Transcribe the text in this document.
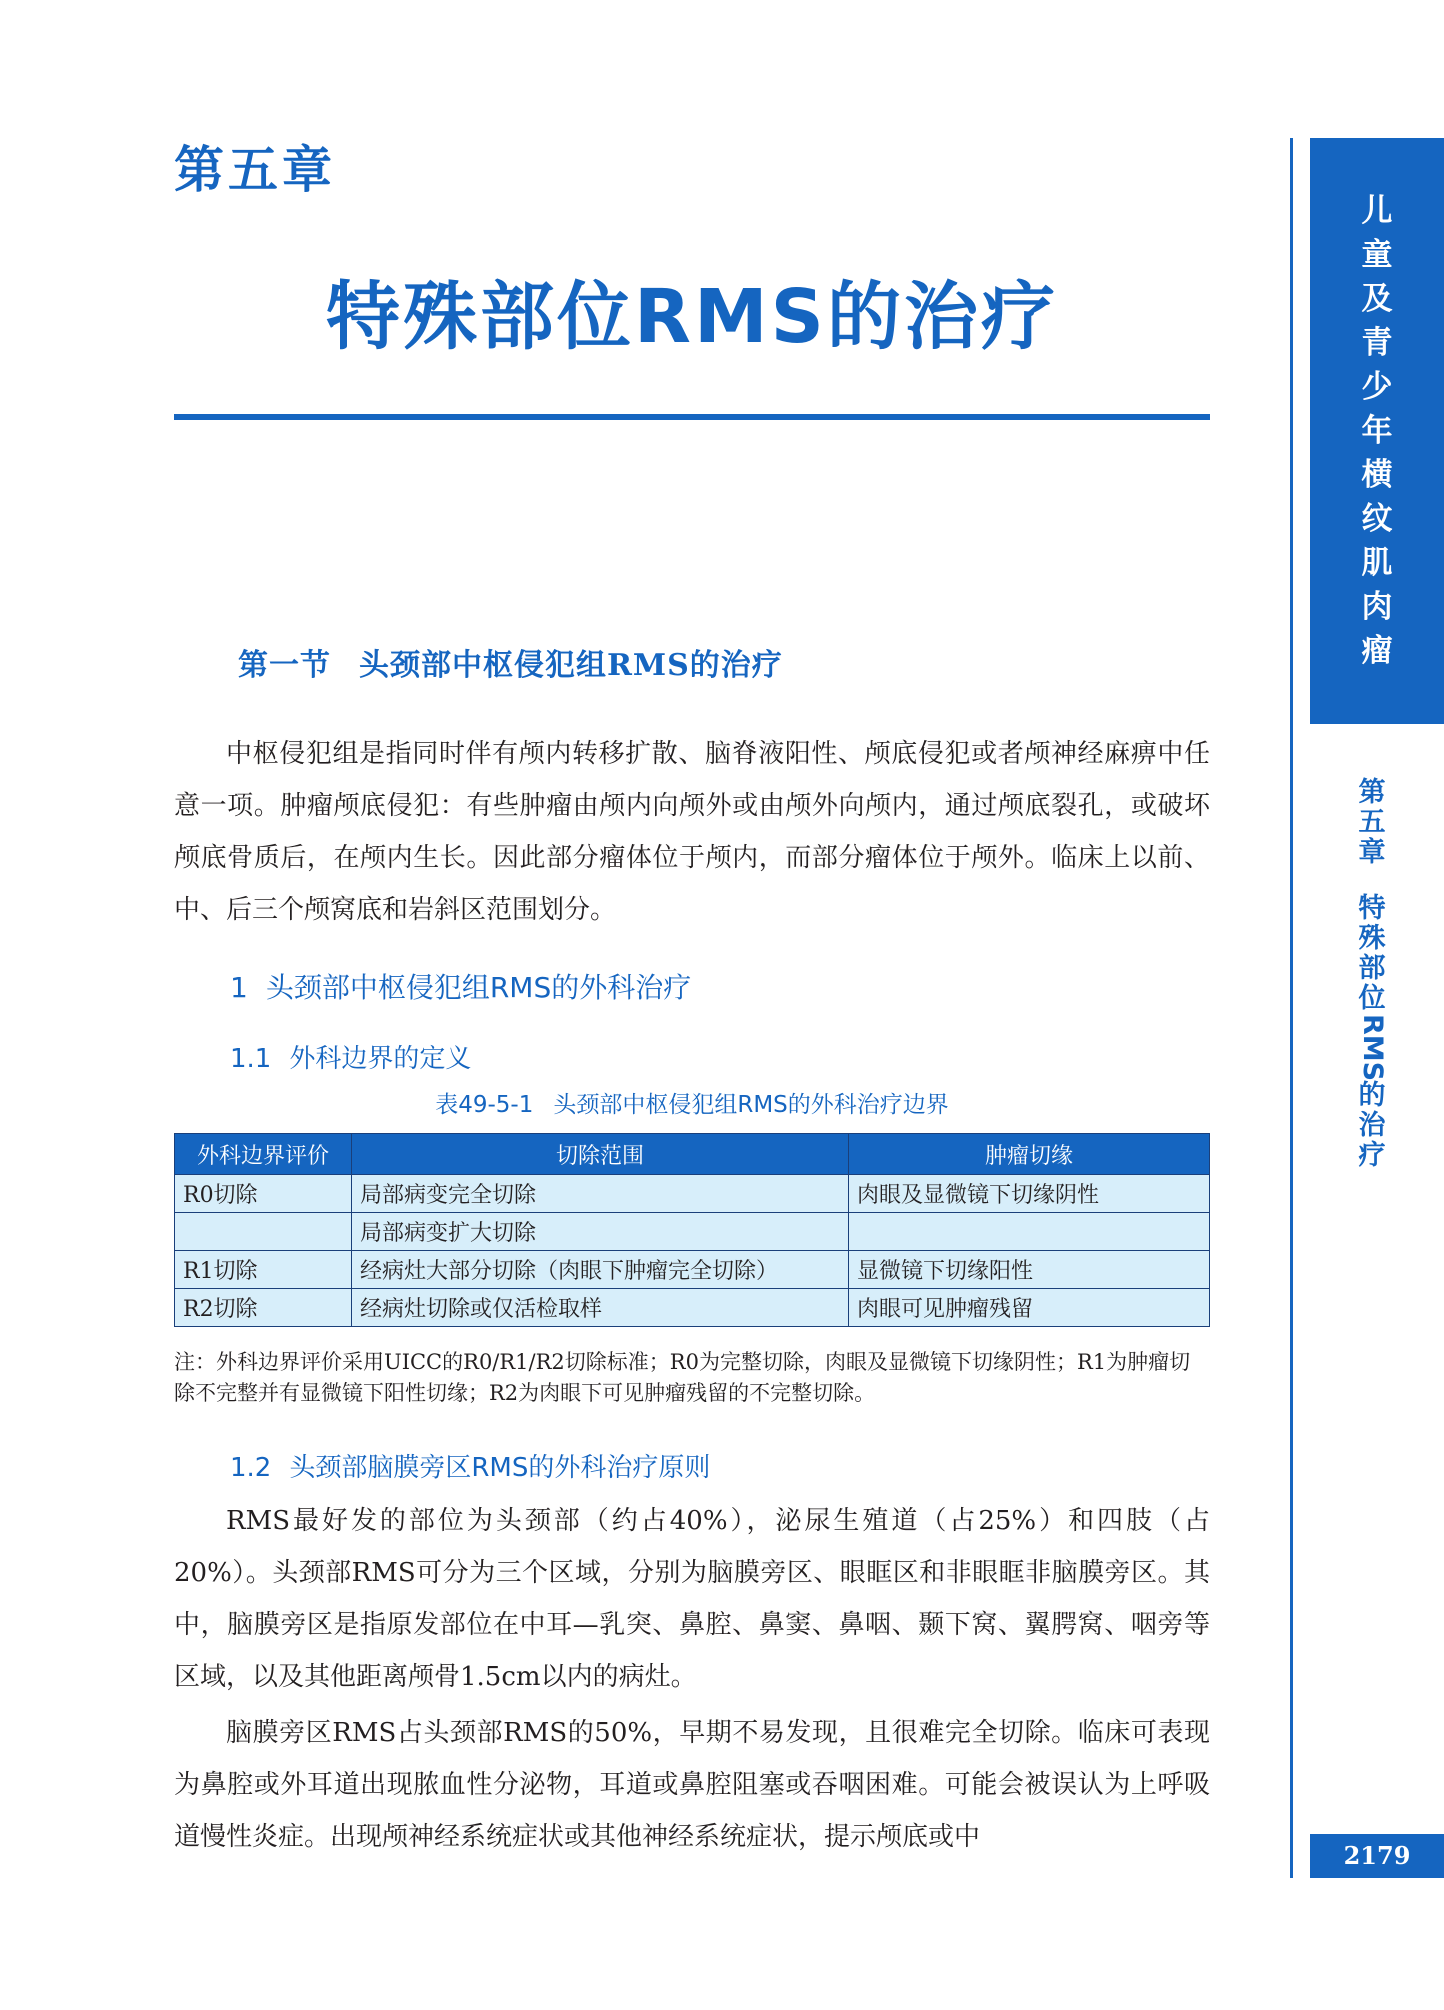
儿
童
及
青
少
年
横
纹
肌
肉
瘤
第
五
章
特
殊
部
位
RMS
的
治
疗
2179
第五章
特殊部位RMS的治疗
第一节 头颈部中枢侵犯组RMS的治疗

中枢侵犯组是指同时伴有颅内转移扩散、脑脊液阳性、颅底侵犯或者颅神经麻痹中任意一项。肿瘤颅底侵犯：有些肿瘤由颅内向颅外或由颅外向颅内，通过颅底裂孔，或破坏颅底骨质后，在颅内生长。因此部分瘤体位于颅内，而部分瘤体位于颅外。临床上以前、中、后三个颅窝底和岩斜区范围划分。

1 头颈部中枢侵犯组RMS的外科治疗
1.1 外科边界的定义
表49-5-1 头颈部中枢侵犯组RMS的外科治疗边界
外科边界评价	切除范围	肿瘤切缘
R0切除	局部病变完全切除	肉眼及显微镜下切缘阴性
	局部病变扩大切除	
R1切除	经病灶大部分切除（肉眼下肿瘤完全切除）	显微镜下切缘阳性
R2切除	经病灶切除或仅活检取样	肉眼可见肿瘤残留
注：外科边界评价采用UICC的R0/R1/R2切除标准；R0为完整切除，肉眼及显微镜下切缘阴性；R1为肿瘤切除不完整并有显微镜下阳性切缘；R2为肉眼下可见肿瘤残留的不完整切除。
1.2 头颈部脑膜旁区RMS的外科治疗原则

RMS最好发的部位为头颈部（约占40%），泌尿生殖道（占25%）和四肢（占20%）。头颈部RMS可分为三个区域，分别为脑膜旁区、眼眶区和非眼眶非脑膜旁区。其中，脑膜旁区是指原发部位在中耳—乳突、鼻腔、鼻窦、鼻咽、颞下窝、翼腭窝、咽旁等区域，以及其他距离颅骨1.5cm以内的病灶。

脑膜旁区RMS占头颈部RMS的50%，早期不易发现，且很难完全切除。临床可表现为鼻腔或外耳道出现脓血性分泌物，耳道或鼻腔阻塞或吞咽困难。可能会被误认为上呼吸道慢性炎症。出现颅神经系统症状或其他神经系统症状，提示颅底或中
